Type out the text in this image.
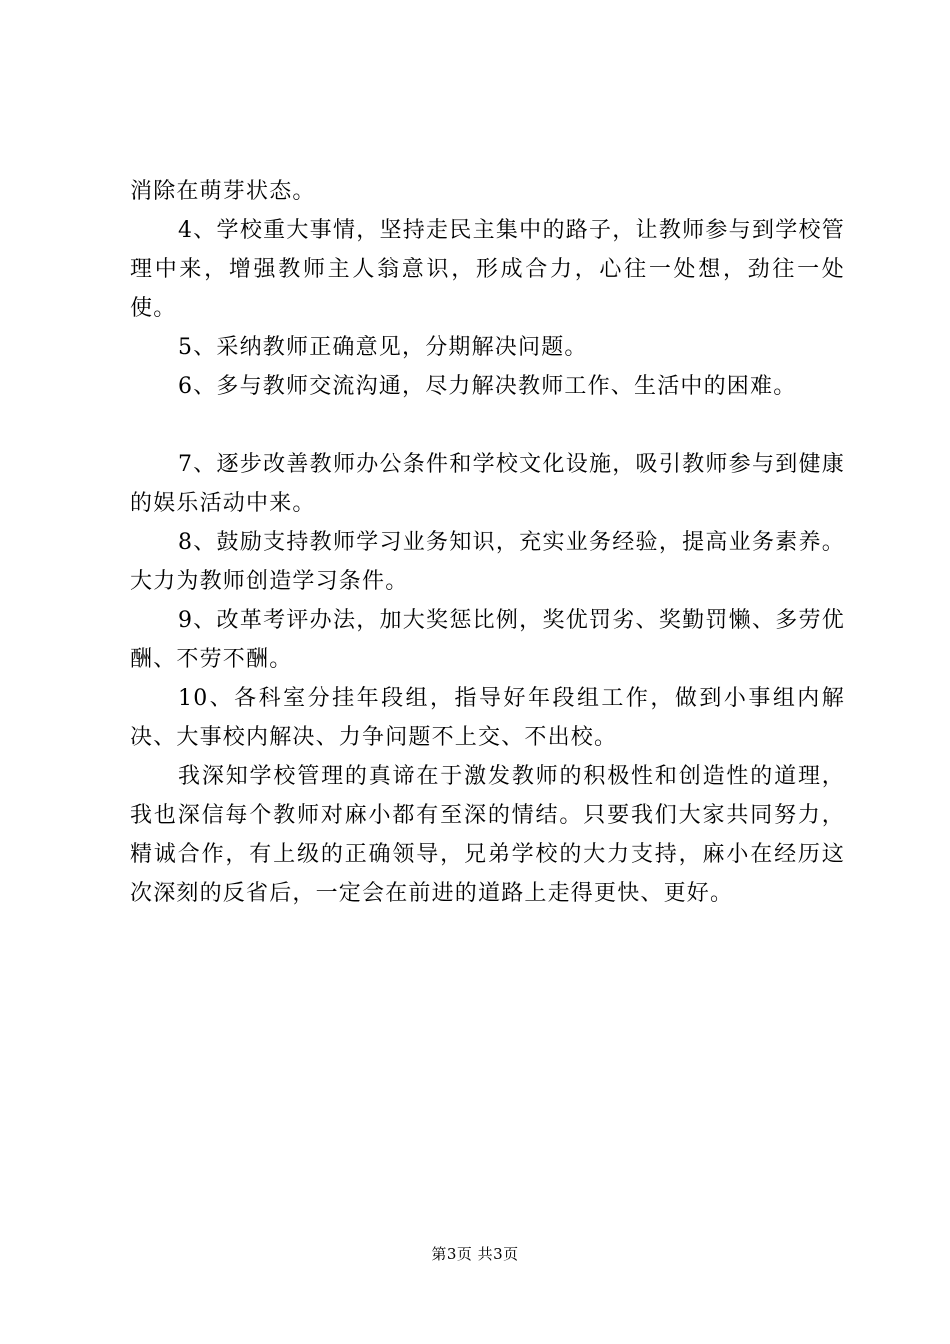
消除在萌芽状态。

4、学校重大事情，坚持走民主集中的路子，让教师参与到学校管理中来，增强教师主人翁意识，形成合力，心往一处想，劲往一处使。

5、采纳教师正确意见，分期解决问题。

6、多与教师交流沟通，尽力解决教师工作、生活中的困难。

7、逐步改善教师办公条件和学校文化设施，吸引教师参与到健康的娱乐活动中来。

8、鼓励支持教师学习业务知识，充实业务经验，提高业务素养。大力为教师创造学习条件。

9、改革考评办法，加大奖惩比例，奖优罚劣、奖勤罚懒、多劳优酬、不劳不酬。

10、各科室分挂年段组，指导好年段组工作，做到小事组内解决、大事校内解决、力争问题不上交、不出校。

我深知学校管理的真谛在于激发教师的积极性和创造性的道理，我也深信每个教师对麻小都有至深的情结。只要我们大家共同努力，精诚合作，有上级的正确领导，兄弟学校的大力支持，麻小在经历这次深刻的反省后，一定会在前进的道路上走得更快、更好。

第3页 共3页
